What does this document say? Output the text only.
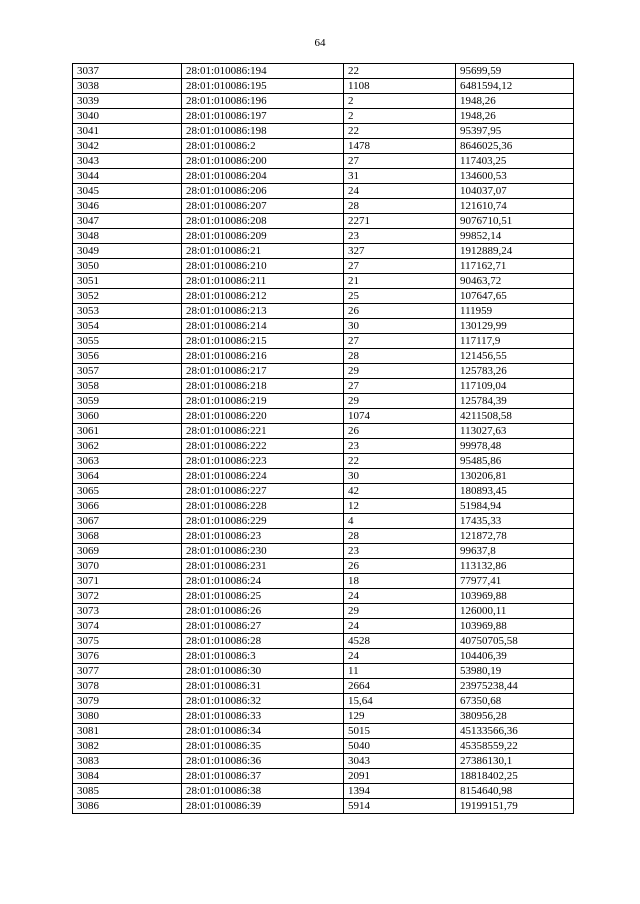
64
3037	28:01:010086:194	22	95699,59
3038	28:01:010086:195	1108	6481594,12
3039	28:01:010086:196	2	1948,26
3040	28:01:010086:197	2	1948,26
3041	28:01:010086:198	22	95397,95
3042	28:01:010086:2	1478	8646025,36
3043	28:01:010086:200	27	117403,25
3044	28:01:010086:204	31	134600,53
3045	28:01:010086:206	24	104037,07
3046	28:01:010086:207	28	121610,74
3047	28:01:010086:208	2271	9076710,51
3048	28:01:010086:209	23	99852,14
3049	28:01:010086:21	327	1912889,24
3050	28:01:010086:210	27	117162,71
3051	28:01:010086:211	21	90463,72
3052	28:01:010086:212	25	107647,65
3053	28:01:010086:213	26	111959
3054	28:01:010086:214	30	130129,99
3055	28:01:010086:215	27	117117,9
3056	28:01:010086:216	28	121456,55
3057	28:01:010086:217	29	125783,26
3058	28:01:010086:218	27	117109,04
3059	28:01:010086:219	29	125784,39
3060	28:01:010086:220	1074	4211508,58
3061	28:01:010086:221	26	113027,63
3062	28:01:010086:222	23	99978,48
3063	28:01:010086:223	22	95485,86
3064	28:01:010086:224	30	130206,81
3065	28:01:010086:227	42	180893,45
3066	28:01:010086:228	12	51984,94
3067	28:01:010086:229	4	17435,33
3068	28:01:010086:23	28	121872,78
3069	28:01:010086:230	23	99637,8
3070	28:01:010086:231	26	113132,86
3071	28:01:010086:24	18	77977,41
3072	28:01:010086:25	24	103969,88
3073	28:01:010086:26	29	126000,11
3074	28:01:010086:27	24	103969,88
3075	28:01:010086:28	4528	40750705,58
3076	28:01:010086:3	24	104406,39
3077	28:01:010086:30	11	53980,19
3078	28:01:010086:31	2664	23975238,44
3079	28:01:010086:32	15,64	67350,68
3080	28:01:010086:33	129	380956,28
3081	28:01:010086:34	5015	45133566,36
3082	28:01:010086:35	5040	45358559,22
3083	28:01:010086:36	3043	27386130,1
3084	28:01:010086:37	2091	18818402,25
3085	28:01:010086:38	1394	8154640,98
3086	28:01:010086:39	5914	19199151,79
